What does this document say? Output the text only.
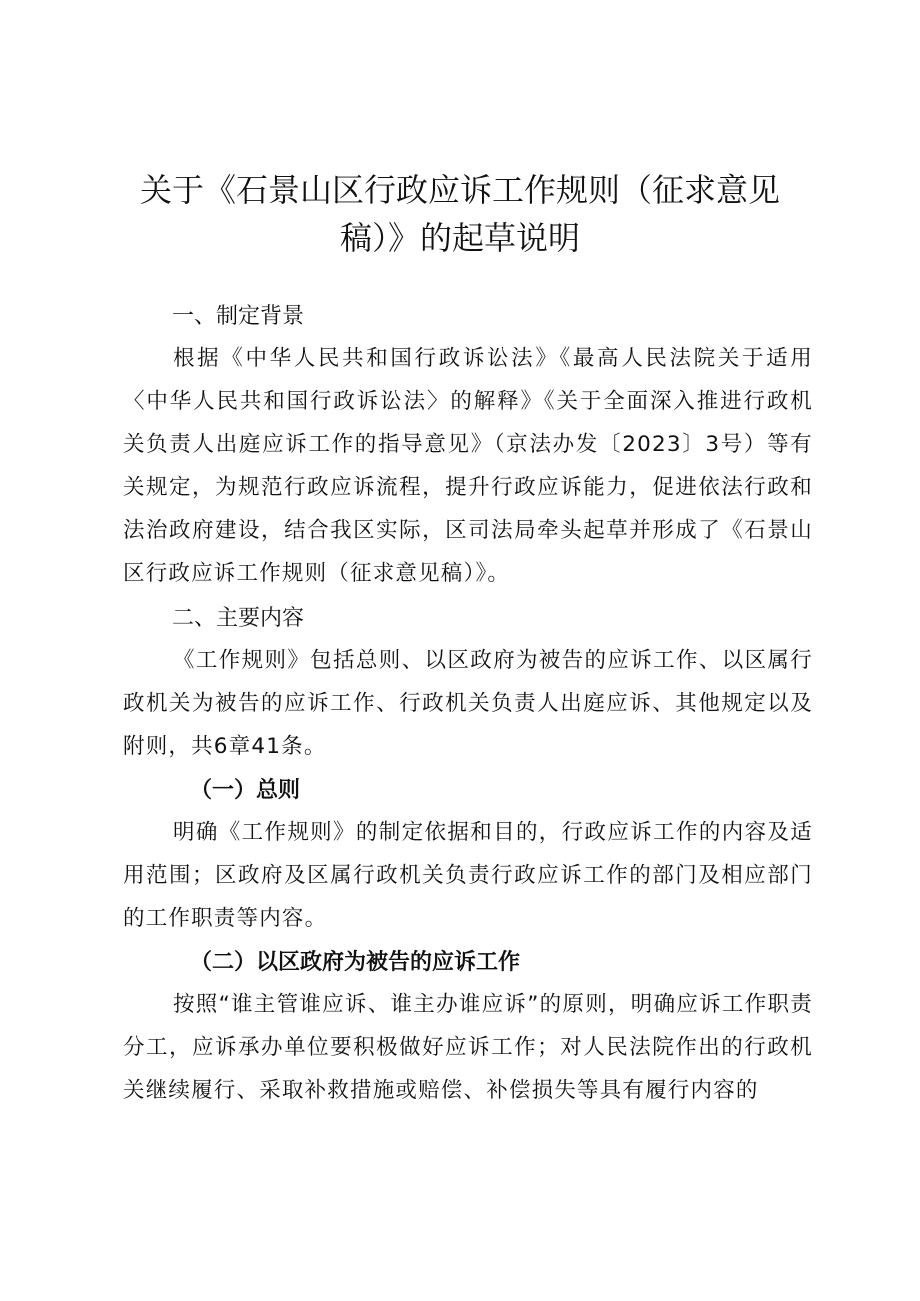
关于《石景山区行政应诉工作规则（征求意见
稿）》的起草说明
一、制定背景

根据《中华人民共和国行政诉讼法》《最高人民法院关于适用〈中华人民共和国行政诉讼法〉的解释》《关于全面深入推进行政机关负责人出庭应诉工作的指导意见》（京法办发〔2023〕3号）等有关规定，为规范行政应诉流程，提升行政应诉能力，促进依法行政和法治政府建设，结合我区实际，区司法局牵头起草并形成了《石景山区行政应诉工作规则（征求意见稿）》。

二、主要内容

《工作规则》包括总则、以区政府为被告的应诉工作、以区属行政机关为被告的应诉工作、行政机关负责人出庭应诉、其他规定以及附则，共6章41条。

（一）总则

明确《工作规则》的制定依据和目的，行政应诉工作的内容及适用范围；区政府及区属行政机关负责行政应诉工作的部门及相应部门的工作职责等内容。

（二）以区政府为被告的应诉工作

按照“谁主管谁应诉、谁主办谁应诉”的原则，明确应诉工作职责分工，应诉承办单位要积极做好应诉工作；对人民法院作出的行政机关继续履行、采取补救措施或赔偿、补偿损失等具有履行内容的
